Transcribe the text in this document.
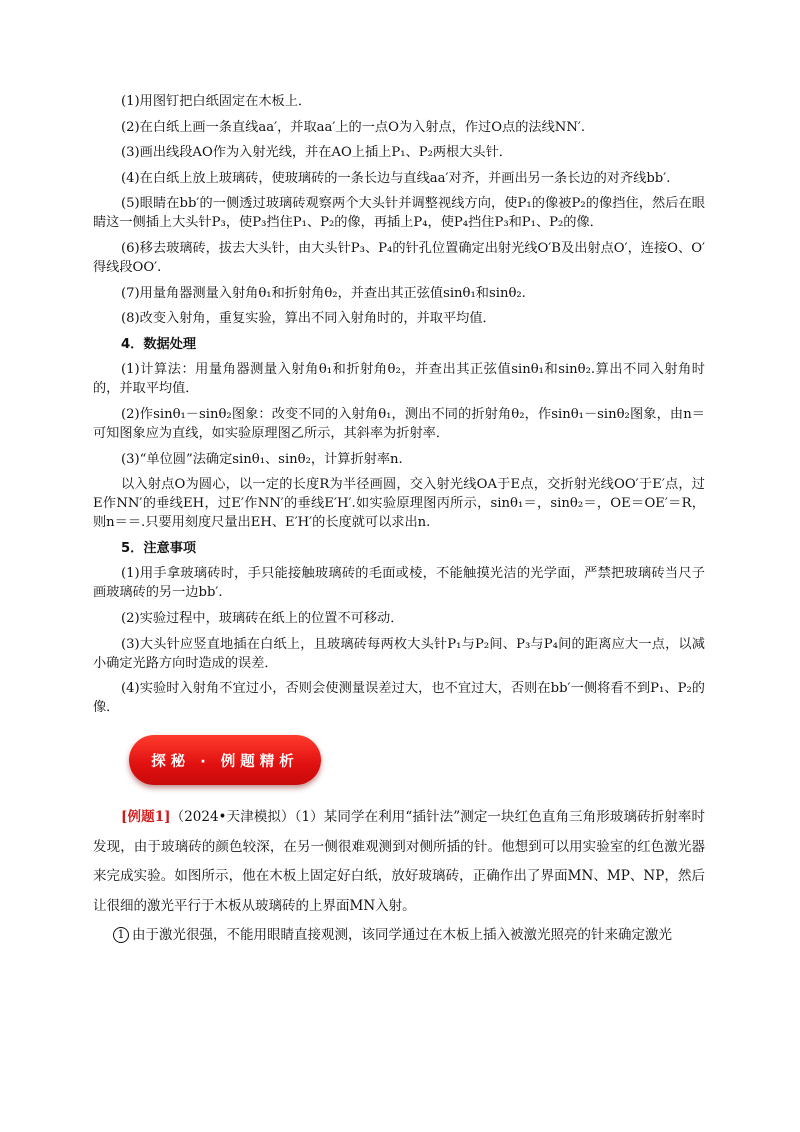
(1)用图钉把白纸固定在木板上．

(2)在白纸上画一条直线aa′，并取aa′上的一点O为入射点，作过O点的法线NN′.

(3)画出线段AO作为入射光线，并在AO上插上P₁、P₂两根大头针．

(4)在白纸上放上玻璃砖，使玻璃砖的一条长边与直线aa′对齐，并画出另一条长边的对齐线bb′.

(5)眼睛在bb′的一侧透过玻璃砖观察两个大头针并调整视线方向，使P₁的像被P₂的像挡住，然后在眼睛这一侧插上大头针P₃，使P₃挡住P₁、P₂的像，再插上P₄，使P₄挡住P₃和P₁、P₂的像．

(6)移去玻璃砖，拔去大头针，由大头针P₃、P₄的针孔位置确定出射光线O′B及出射点O′，连接O、O′得线段OO′.

(7)用量角器测量入射角θ₁和折射角θ₂，并查出其正弦值sinθ₁和sinθ₂.

(8)改变入射角，重复实验，算出不同入射角时的，并取平均值．

4．数据处理

(1)计算法：用量角器测量入射角θ₁和折射角θ₂，并查出其正弦值sinθ₁和sinθ₂.算出不同入射角时的，并取平均值．

(2)作sinθ₁－sinθ₂图象：改变不同的入射角θ₁，测出不同的折射角θ₂，作sinθ₁－sinθ₂图象，由n＝可知图象应为直线，如实验原理图乙所示，其斜率为折射率．

(3)“单位圆”法确定sinθ₁、sinθ₂，计算折射率n.

以入射点O为圆心，以一定的长度R为半径画圆，交入射光线OA于E点，交折射光线OO′于E′点，过E作NN′的垂线EH，过E′作NN′的垂线E′H′.如实验原理图丙所示，sinθ₁＝，sinθ₂＝，OE＝OE′＝R，则n＝＝.只要用刻度尺量出EH、E′H′的长度就可以求出n.

5．注意事项

(1)用手拿玻璃砖时，手只能接触玻璃砖的毛面或棱，不能触摸光洁的光学面，严禁把玻璃砖当尺子画玻璃砖的另一边bb′.

(2)实验过程中，玻璃砖在纸上的位置不可移动．

(3)大头针应竖直地插在白纸上，且玻璃砖每两枚大头针P₁与P₂间、P₃与P₄间的距离应大一点，以减小确定光路方向时造成的误差．

(4)实验时入射角不宜过小，否则会使测量误差过大，也不宜过大，否则在bb′一侧将看不到P₁、P₂的像．

探秘 · 例题精析

[例题1]（2024•天津模拟）（1）某同学在利用“插针法”测定一块红色直角三角形玻璃砖折射率时发现，由于玻璃砖的颜色较深，在另一侧很难观测到对侧所插的针。他想到可以用实验室的红色激光器来完成实验。如图所示，他在木板上固定好白纸，放好玻璃砖，正确作出了界面MN、MP、NP，然后让很细的激光平行于木板从玻璃砖的上界面MN入射。

1 由于激光很强，不能用眼睛直接观测，该同学通过在木板上插入被激光照亮的针来确定激光
